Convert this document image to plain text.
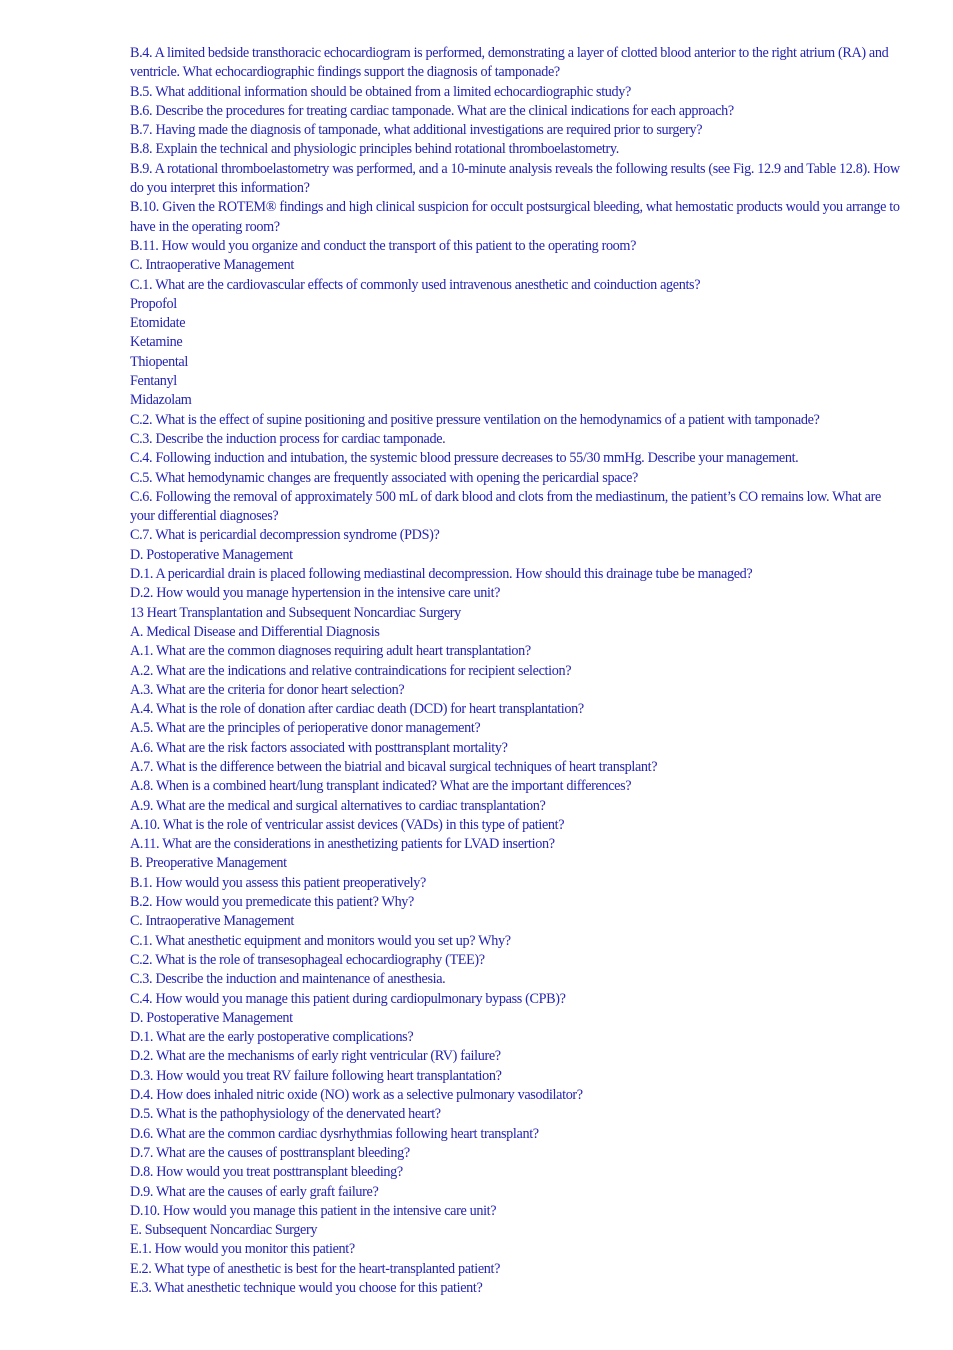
B.4. A limited bedside transthoracic echocardiogram is performed, demonstrating a layer of clotted blood anterior to the right atrium (RA) and ventricle. What echocardiographic findings support the diagnosis of tamponade?

B.5. What additional information should be obtained from a limited echocardiographic study?

B.6. Describe the procedures for treating cardiac tamponade. What are the clinical indications for each approach?

B.7. Having made the diagnosis of tamponade, what additional investigations are required prior to surgery?

B.8. Explain the technical and physiologic principles behind rotational thromboelastometry.

B.9. A rotational thromboelastometry was performed, and a 10-minute analysis reveals the following results (see Fig. 12.9 and Table 12.8). How do you interpret this information?

B.10. Given the ROTEM® findings and high clinical suspicion for occult postsurgical bleeding, what hemostatic products would you arrange to have in the operating room?

B.11. How would you organize and conduct the transport of this patient to the operating room?

C. Intraoperative Management

C.1. What are the cardiovascular effects of commonly used intravenous anesthetic and coinduction agents?

Propofol

Etomidate

Ketamine

Thiopental

Fentanyl

Midazolam

C.2. What is the effect of supine positioning and positive pressure ventilation on the hemodynamics of a patient with tamponade?

C.3. Describe the induction process for cardiac tamponade.

C.4. Following induction and intubation, the systemic blood pressure decreases to 55/30 mmHg. Describe your management.

C.5. What hemodynamic changes are frequently associated with opening the pericardial space?

C.6. Following the removal of approximately 500 mL of dark blood and clots from the mediastinum, the patient’s CO remains low. What are your differential diagnoses?

C.7. What is pericardial decompression syndrome (PDS)?

D. Postoperative Management

D.1. A pericardial drain is placed following mediastinal decompression. How should this drainage tube be managed?

D.2. How would you manage hypertension in the intensive care unit?

13 Heart Transplantation and Subsequent Noncardiac Surgery

A. Medical Disease and Differential Diagnosis

A.1. What are the common diagnoses requiring adult heart transplantation?

A.2. What are the indications and relative contraindications for recipient selection?

A.3. What are the criteria for donor heart selection?

A.4. What is the role of donation after cardiac death (DCD) for heart transplantation?

A.5. What are the principles of perioperative donor management?

A.6. What are the risk factors associated with posttransplant mortality?

A.7. What is the difference between the biatrial and bicaval surgical techniques of heart transplant?

A.8. When is a combined heart/lung transplant indicated? What are the important differences?

A.9. What are the medical and surgical alternatives to cardiac transplantation?

A.10. What is the role of ventricular assist devices (VADs) in this type of patient?

A.11. What are the considerations in anesthetizing patients for LVAD insertion?

B. Preoperative Management

B.1. How would you assess this patient preoperatively?

B.2. How would you premedicate this patient? Why?

C. Intraoperative Management

C.1. What anesthetic equipment and monitors would you set up? Why?

C.2. What is the role of transesophageal echocardiography (TEE)?

C.3. Describe the induction and maintenance of anesthesia.

C.4. How would you manage this patient during cardiopulmonary bypass (CPB)?

D. Postoperative Management

D.1. What are the early postoperative complications?

D.2. What are the mechanisms of early right ventricular (RV) failure?

D.3. How would you treat RV failure following heart transplantation?

D.4. How does inhaled nitric oxide (NO) work as a selective pulmonary vasodilator?

D.5. What is the pathophysiology of the denervated heart?

D.6. What are the common cardiac dysrhythmias following heart transplant?

D.7. What are the causes of posttransplant bleeding?

D.8. How would you treat posttransplant bleeding?

D.9. What are the causes of early graft failure?

D.10. How would you manage this patient in the intensive care unit?

E. Subsequent Noncardiac Surgery

E.1. How would you monitor this patient?

E.2. What type of anesthetic is best for the heart-transplanted patient?

E.3. What anesthetic technique would you choose for this patient?
